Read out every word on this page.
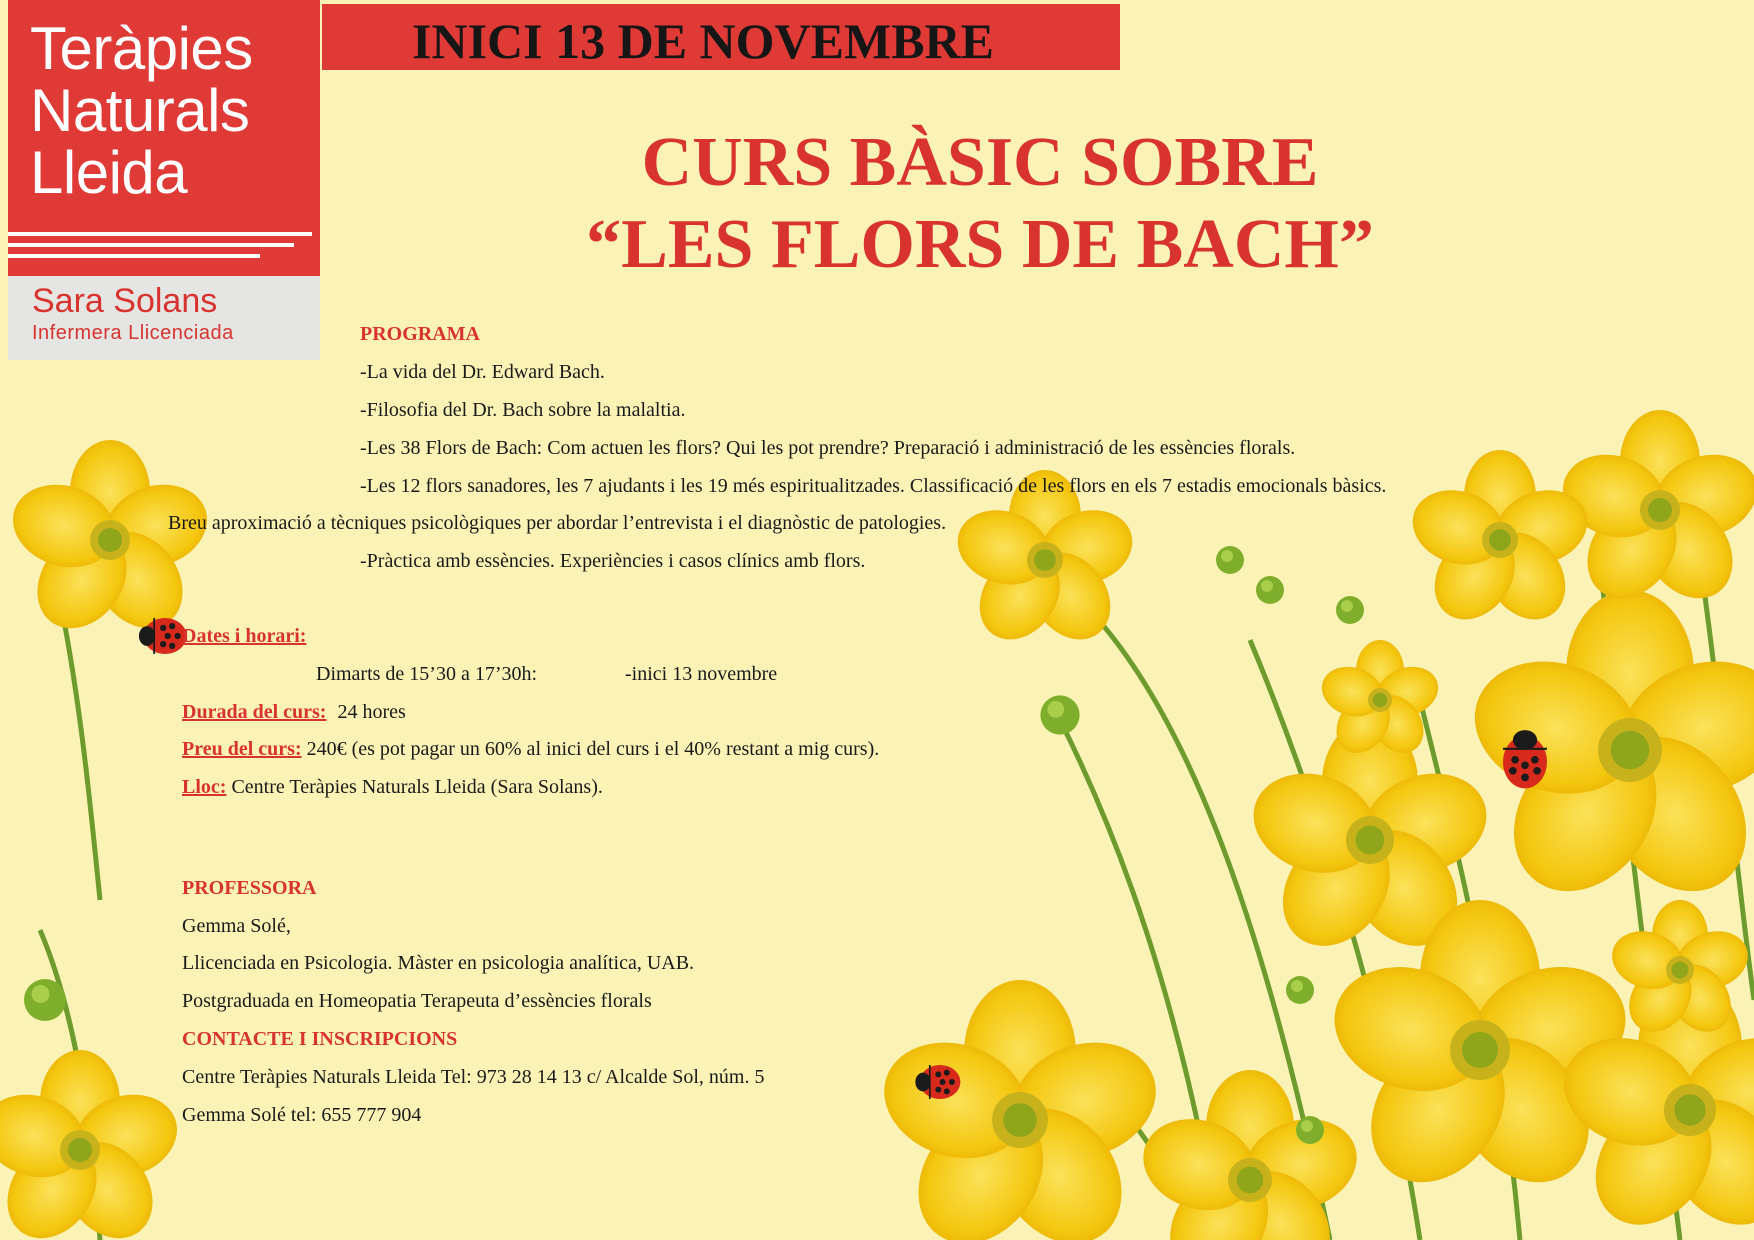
Teràpies
Naturals
Lleida
Sara Solans
Infermera Llicenciada
INICI 13 DE NOVEMBRE
CURS BÀSIC SOBRE
“LES FLORS DE BACH”
PROGRAMA
-La vida del Dr. Edward Bach.
-Filosofia del Dr. Bach sobre la malaltia.
-Les 38 Flors de Bach: Com actuen les flors? Qui les pot prendre? Preparació i administració de les essències florals.
-Les 12 flors sanadores, les 7 ajudants i les 19 més espiritualitzades. Classificació de les flors en els 7 estadis emocionals bàsics.
Breu aproximació a tècniques psicològiques per abordar l’entrevista i el diagnòstic de patologies.
-Pràctica amb essències. Experiències i casos clínics amb flors.
Dates i horari:
Dimarts de 15’30 a 17’30h:	-inici 13 novembre
Durada del curs: 24 hores
Preu del curs: 240€ (es pot pagar un 60% al inici del curs i el 40% restant a mig curs).
Lloc: Centre Teràpies Naturals Lleida (Sara Solans).
PROFESSORA
Gemma Solé,
Llicenciada en Psicologia. Màster en psicologia analítica, UAB.
Postgraduada en Homeopatia Terapeuta d’essències florals
CONTACTE I INSCRIPCIONS
Centre Teràpies Naturals Lleida Tel: 973 28 14 13 c/ Alcalde Sol, núm. 5
Gemma Solé tel: 655 777 904
